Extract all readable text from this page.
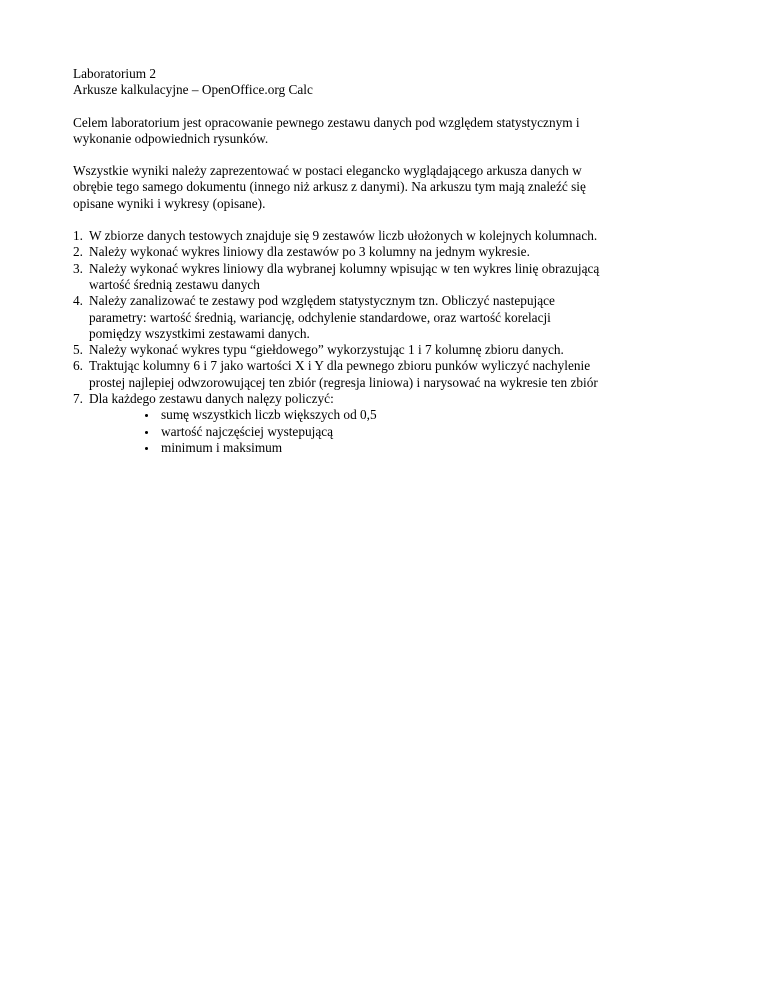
Laboratorium 2

Arkusze kalkulacyjne – OpenOffice.org Calc

Celem laboratorium jest opracowanie pewnego zestawu danych pod względem statystycznym i

wykonanie odpowiednich rysunków.

Wszystkie wyniki należy zaprezentować w postaci elegancko wyglądającego arkusza danych w

obrębie tego samego dokumentu (innego niż arkusz z danymi). Na arkuszu tym mają znaleźć się

opisane wyniki i wykresy (opisane).

1. W zbiorze danych testowych znajduje się 9 zestawów liczb ułożonych w kolejnych kolumnach.
2. Należy wykonać wykres liniowy dla zestawów po 3 kolumny na jednym wykresie.
3. Należy wykonać wykres liniowy dla wybranej kolumny wpisując w ten wykres linię obrazującą
wartość średnią zestawu danych
4. Należy zanalizować te zestawy pod względem statystycznym tzn. Obliczyć nastepujące
parametry: wartość średnią, wariancję, odchylenie standardowe, oraz wartość korelacji
pomiędzy wszystkimi zestawami danych.
5. Należy wykonać wykres typu “giełdowego” wykorzystując 1 i 7 kolumnę zbioru danych.
6. Traktując kolumny 6 i 7 jako wartości X i Y dla pewnego zbioru punków wyliczyć nachylenie
prostej najlepiej odwzorowującej ten zbiór (regresja liniowa) i narysować na wykresie ten zbiór
7. Dla każdego zestawu danych nalęzy policzyć:
sumę wszystkich liczb większych od 0,5
wartość najczęściej wystepującą
minimum i maksimum
